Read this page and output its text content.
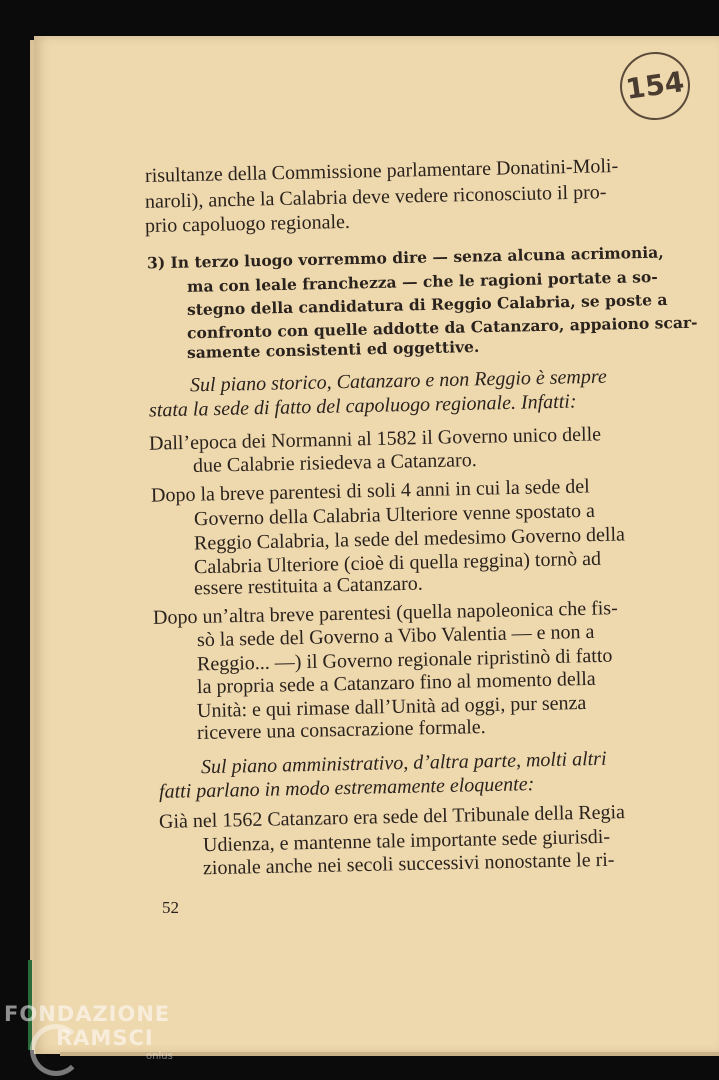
154
risultanze della Commissione parlamentare Donatini-Moli-
naroli), anche la Calabria deve vedere riconosciuto il pro-
prio capoluogo regionale.
3) In terzo luogo vorremmo dire — senza alcuna acrimonia,
ma con leale franchezza — che le ragioni portate a so-
stegno della candidatura di Reggio Calabria, se poste a
confronto con quelle addotte da Catanzaro, appaiono scar-
samente consistenti ed oggettive.
Sul piano storico, Catanzaro e non Reggio è sempre
stata la sede di fatto del capoluogo regionale. Infatti:
Dall’epoca dei Normanni al 1582 il Governo unico delle
due Calabrie risiedeva a Catanzaro.
Dopo la breve parentesi di soli 4 anni in cui la sede del
Governo della Calabria Ulteriore venne spostato a
Reggio Calabria, la sede del medesimo Governo della
Calabria Ulteriore (cioè di quella reggina) tornò ad
essere restituita a Catanzaro.
Dopo un’altra breve parentesi (quella napoleonica che fis-
sò la sede del Governo a Vibo Valentia — e non a
Reggio... —) il Governo regionale ripristinò di fatto
la propria sede a Catanzaro fino al momento della
Unità: e qui rimase dall’Unità ad oggi, pur senza
ricevere una consacrazione formale.
Sul piano amministrativo, d’altra parte, molti altri
fatti parlano in modo estremamente eloquente:
Già nel 1562 Catanzaro era sede del Tribunale della Regia
Udienza, e mantenne tale importante sede giurisdi-
zionale anche nei secoli successivi nonostante le ri-
52
FONDAZIONE
RAMSCI
onlus
